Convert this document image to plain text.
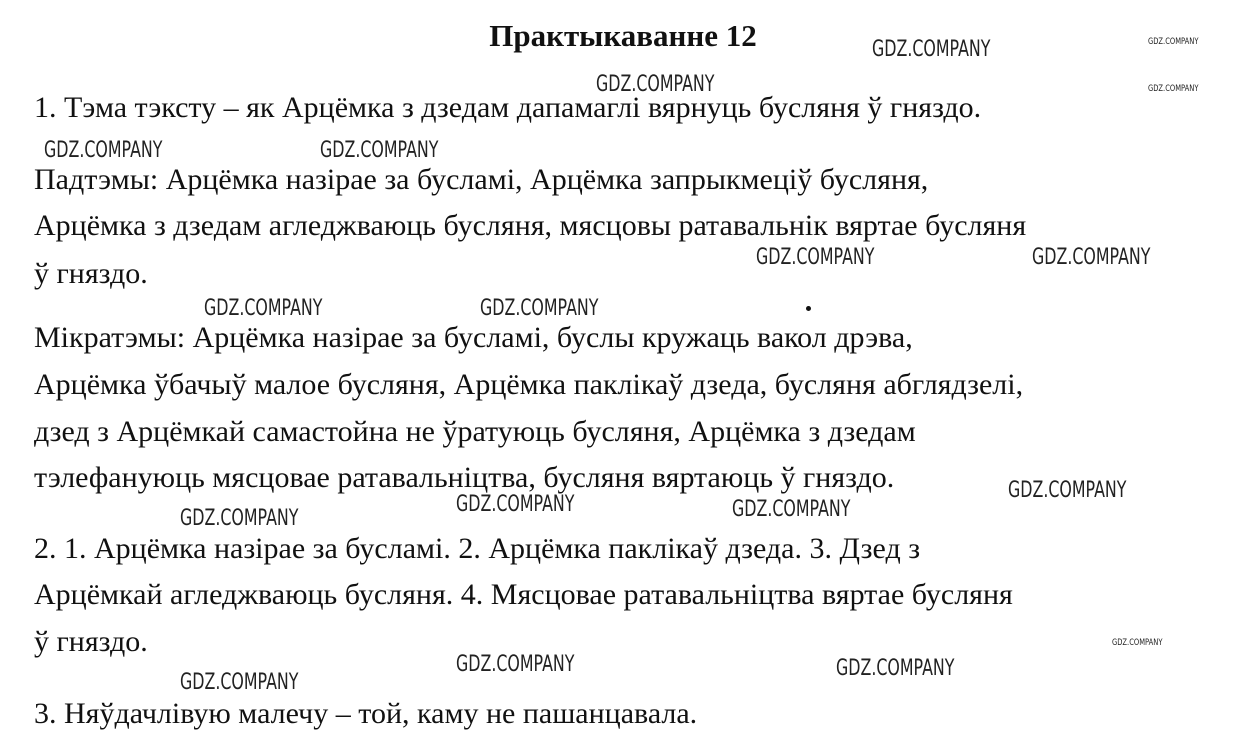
Практыкаванне 12
1. Тэма тэксту – як Арцёмка з дзедам дапамаглі вярнуць бусляня ў гняздо.
Падтэмы: Арцёмка назірае за бусламі, Арцёмка запрыкмеціў бусляня,
Арцёмка з дзедам агледжваюць бусляня, мясцовы ратавальнік вяртае бусляня
ў гняздо.
Мікратэмы: Арцёмка назірае за бусламі, буслы кружаць вакол дрэва,
Арцёмка ўбачыў малое бусляня, Арцёмка паклікаў дзеда, бусляня абглядзелі,
дзед з Арцёмкай самастойна не ўратуюць бусляня, Арцёмка з дзедам
тэлефануюць мясцовае ратавальніцтва, бусляня вяртаюць ў гняздо.
2. 1. Арцёмка назірае за бусламі. 2. Арцёмка паклікаў дзеда. 3. Дзед з
Арцёмкай агледжваюць бусляня. 4. Мясцовае ратавальніцтва вяртае бусляня
ў гняздо.
3. Няўдачлівую малечу – той, каму не пашанцавала.
GDZ.COMPANY	GDZ.COMPANY
GDZ.COMPANY
GDZ.COMPANY
GDZ.COMPANY	GDZ.COMPANY
GDZ.COMPANY	GDZ.COMPANY
GDZ.COMPANY	GDZ.COMPANY
GDZ.COMPANY
GDZ.COMPANY	GDZ.COMPANY
GDZ.COMPANY
GDZ.COMPANY
GDZ.COMPANY	GDZ.COMPANY
GDZ.COMPANY
